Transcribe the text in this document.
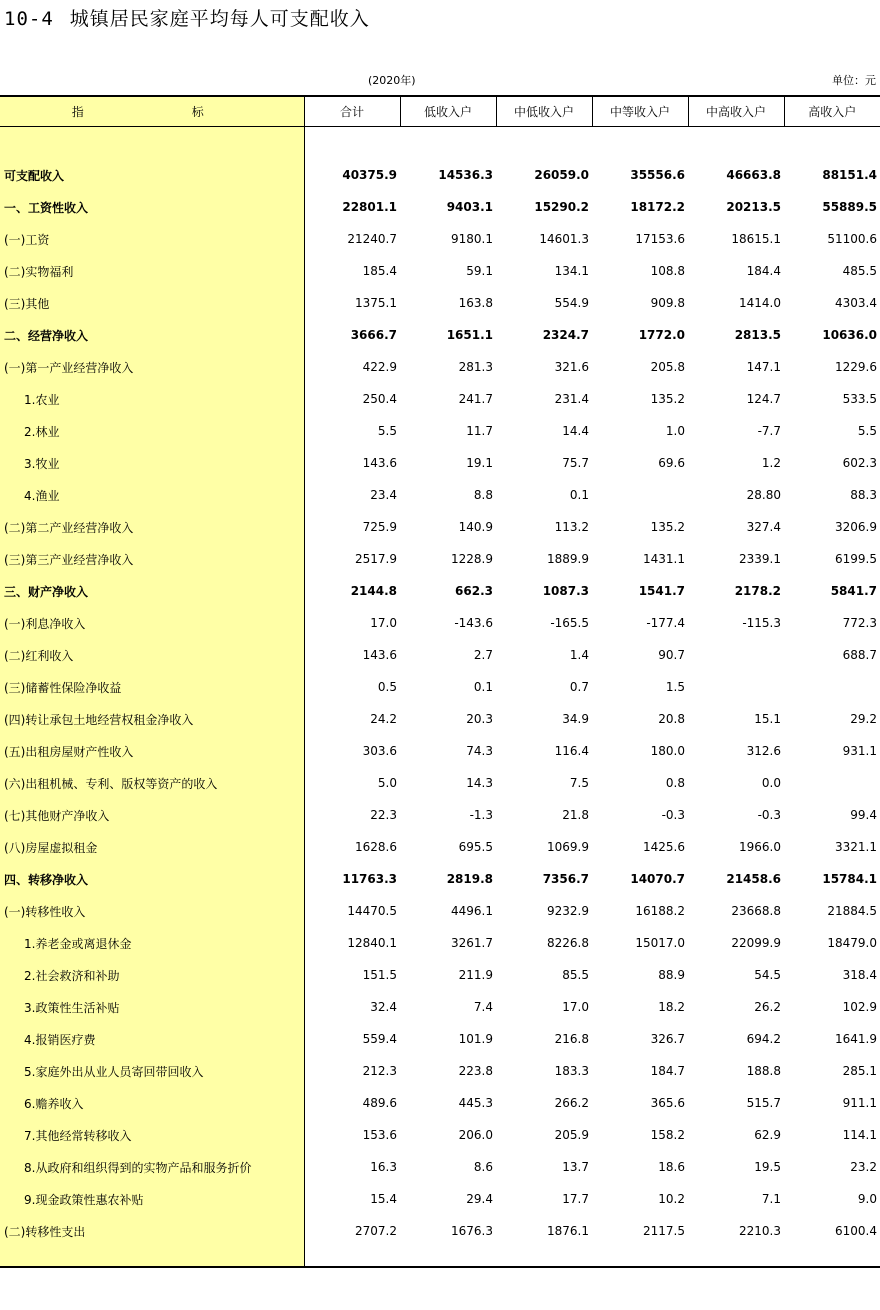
10-4 城镇居民家庭平均每人可支配收入
(2020年)	单位：元
指　　标	合计	低收入户	中低收入户	中等收入户	中高收入户	高收入户

可支配收入	40375.9	14536.3	26059.0	35556.6	46663.8	88151.4
一、工资性收入	22801.1	9403.1	15290.2	18172.2	20213.5	55889.5
(一)工资	21240.7	9180.1	14601.3	17153.6	18615.1	51100.6
(二)实物福利	185.4	59.1	134.1	108.8	184.4	485.5
(三)其他	1375.1	163.8	554.9	909.8	1414.0	4303.4
二、经营净收入	3666.7	1651.1	2324.7	1772.0	2813.5	10636.0
(一)第一产业经营净收入	422.9	281.3	321.6	205.8	147.1	1229.6
1.农业	250.4	241.7	231.4	135.2	124.7	533.5
2.林业	5.5	11.7	14.4	1.0	-7.7	5.5
3.牧业	143.6	19.1	75.7	69.6	1.2	602.3
4.渔业	23.4	8.8	0.1		28.80	88.3
(二)第二产业经营净收入	725.9	140.9	113.2	135.2	327.4	3206.9
(三)第三产业经营净收入	2517.9	1228.9	1889.9	1431.1	2339.1	6199.5
三、财产净收入	2144.8	662.3	1087.3	1541.7	2178.2	5841.7
(一)利息净收入	17.0	-143.6	-165.5	-177.4	-115.3	772.3
(二)红利收入	143.6	2.7	1.4	90.7		688.7
(三)储蓄性保险净收益	0.5	0.1	0.7	1.5		
(四)转让承包土地经营权租金净收入	24.2	20.3	34.9	20.8	15.1	29.2
(五)出租房屋财产性收入	303.6	74.3	116.4	180.0	312.6	931.1
(六)出租机械、专利、版权等资产的收入	5.0	14.3	7.5	0.8	0.0	
(七)其他财产净收入	22.3	-1.3	21.8	-0.3	-0.3	99.4
(八)房屋虚拟租金	1628.6	695.5	1069.9	1425.6	1966.0	3321.1
四、转移净收入	11763.3	2819.8	7356.7	14070.7	21458.6	15784.1
(一)转移性收入	14470.5	4496.1	9232.9	16188.2	23668.8	21884.5
1.养老金或离退休金	12840.1	3261.7	8226.8	15017.0	22099.9	18479.0
2.社会救济和补助	151.5	211.9	85.5	88.9	54.5	318.4
3.政策性生活补贴	32.4	7.4	17.0	18.2	26.2	102.9
4.报销医疗费	559.4	101.9	216.8	326.7	694.2	1641.9
5.家庭外出从业人员寄回带回收入	212.3	223.8	183.3	184.7	188.8	285.1
6.赡养收入	489.6	445.3	266.2	365.6	515.7	911.1
7.其他经常转移收入	153.6	206.0	205.9	158.2	62.9	114.1
8.从政府和组织得到的实物产品和服务折价	16.3	8.6	13.7	18.6	19.5	23.2
9.现金政策性惠农补贴	15.4	29.4	17.7	10.2	7.1	9.0
(二)转移性支出	2707.2	1676.3	1876.1	2117.5	2210.3	6100.4
